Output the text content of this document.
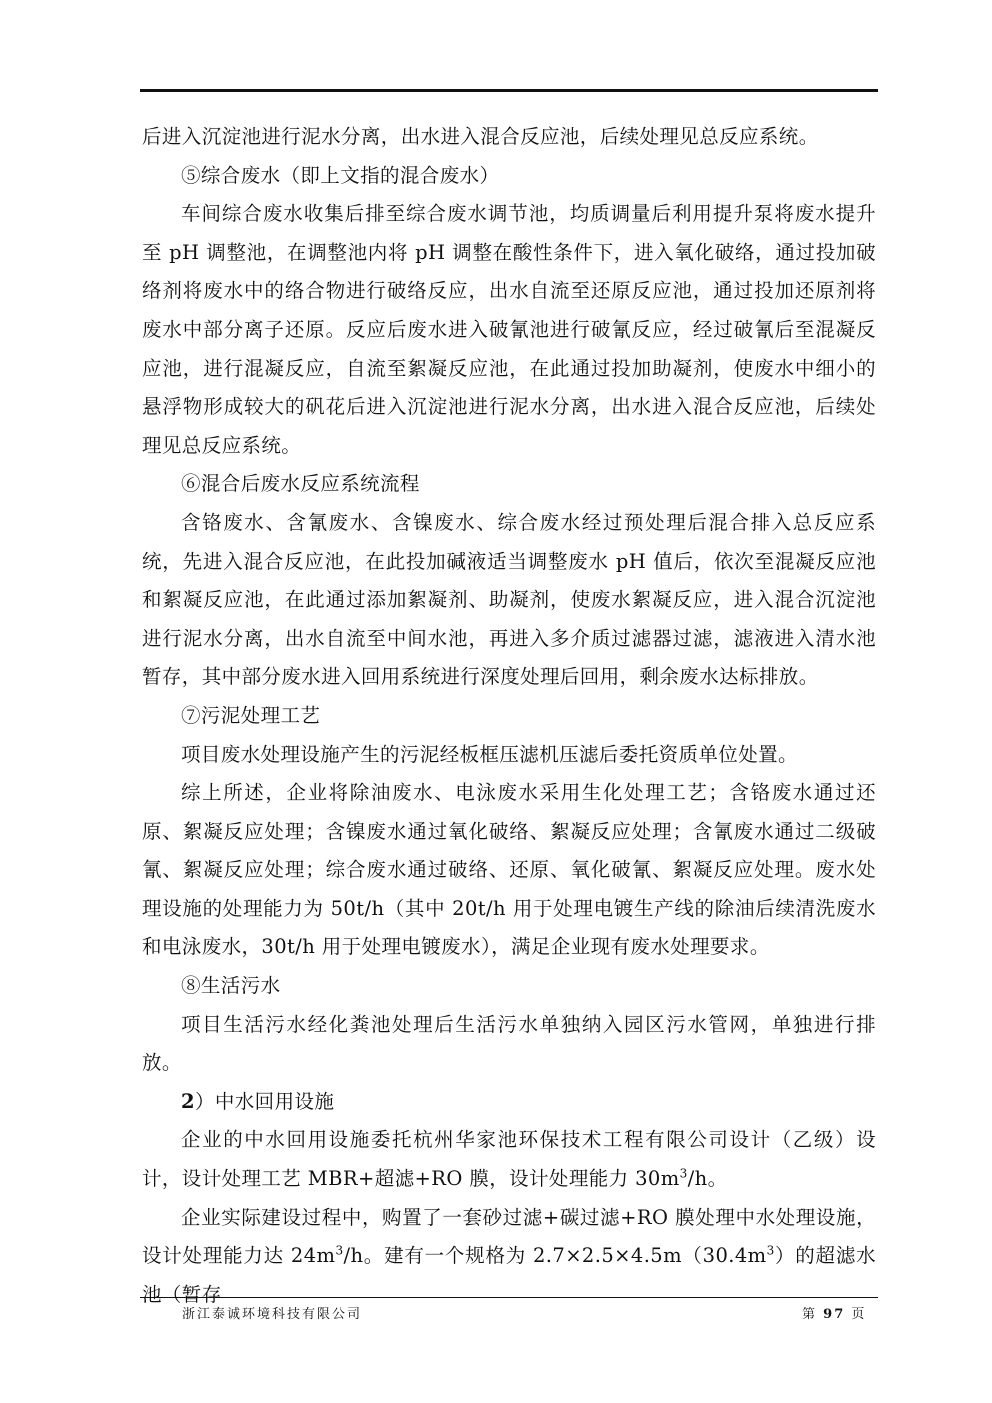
后进入沉淀池进行泥水分离，出水进入混合反应池，后续处理见总反应系统。

⑤综合废水（即上文指的混合废水）

车间综合废水收集后排至综合废水调节池，均质调量后利用提升泵将废水提升至 pH 调整池，在调整池内将 pH 调整在酸性条件下，进入氧化破络，通过投加破络剂将废水中的络合物进行破络反应，出水自流至还原反应池，通过投加还原剂将废水中部分离子还原。反应后废水进入破氰池进行破氰反应，经过破氰后至混凝反应池，进行混凝反应，自流至絮凝反应池，在此通过投加助凝剂，使废水中细小的悬浮物形成较大的矾花后进入沉淀池进行泥水分离，出水进入混合反应池，后续处理见总反应系统。

⑥混合后废水反应系统流程

含铬废水、含氰废水、含镍废水、综合废水经过预处理后混合排入总反应系统，先进入混合反应池，在此投加碱液适当调整废水 pH 值后，依次至混凝反应池和絮凝反应池，在此通过添加絮凝剂、助凝剂，使废水絮凝反应，进入混合沉淀池进行泥水分离，出水自流至中间水池，再进入多介质过滤器过滤，滤液进入清水池暂存，其中部分废水进入回用系统进行深度处理后回用，剩余废水达标排放。

⑦污泥处理工艺

项目废水处理设施产生的污泥经板框压滤机压滤后委托资质单位处置。

综上所述，企业将除油废水、电泳废水采用生化处理工艺；含铬废水通过还原、絮凝反应处理；含镍废水通过氧化破络、絮凝反应处理；含氰废水通过二级破氰、絮凝反应处理；综合废水通过破络、还原、氧化破氰、絮凝反应处理。废水处理设施的处理能力为 50t/h（其中 20t/h 用于处理电镀生产线的除油后续清洗废水和电泳废水，30t/h 用于处理电镀废水），满足企业现有废水处理要求。

⑧生活污水

项目生活污水经化粪池处理后生活污水单独纳入园区污水管网，单独进行排放。

2）中水回用设施

企业的中水回用设施委托杭州华家池环保技术工程有限公司设计（乙级）设计，设计处理工艺 MBR+超滤+RO 膜，设计处理能力 $30m^3/h$。

企业实际建设过程中，购置了一套砂过滤+碳过滤+RO 膜处理中水处理设施，设计处理能力达 $24m^3/h$。建有一个规格为 $2.7\times 2.5\times 4.5m(30.4m^3)$的超滤水池（暂存

浙江泰诚环境科技有限公司	第 97 页
